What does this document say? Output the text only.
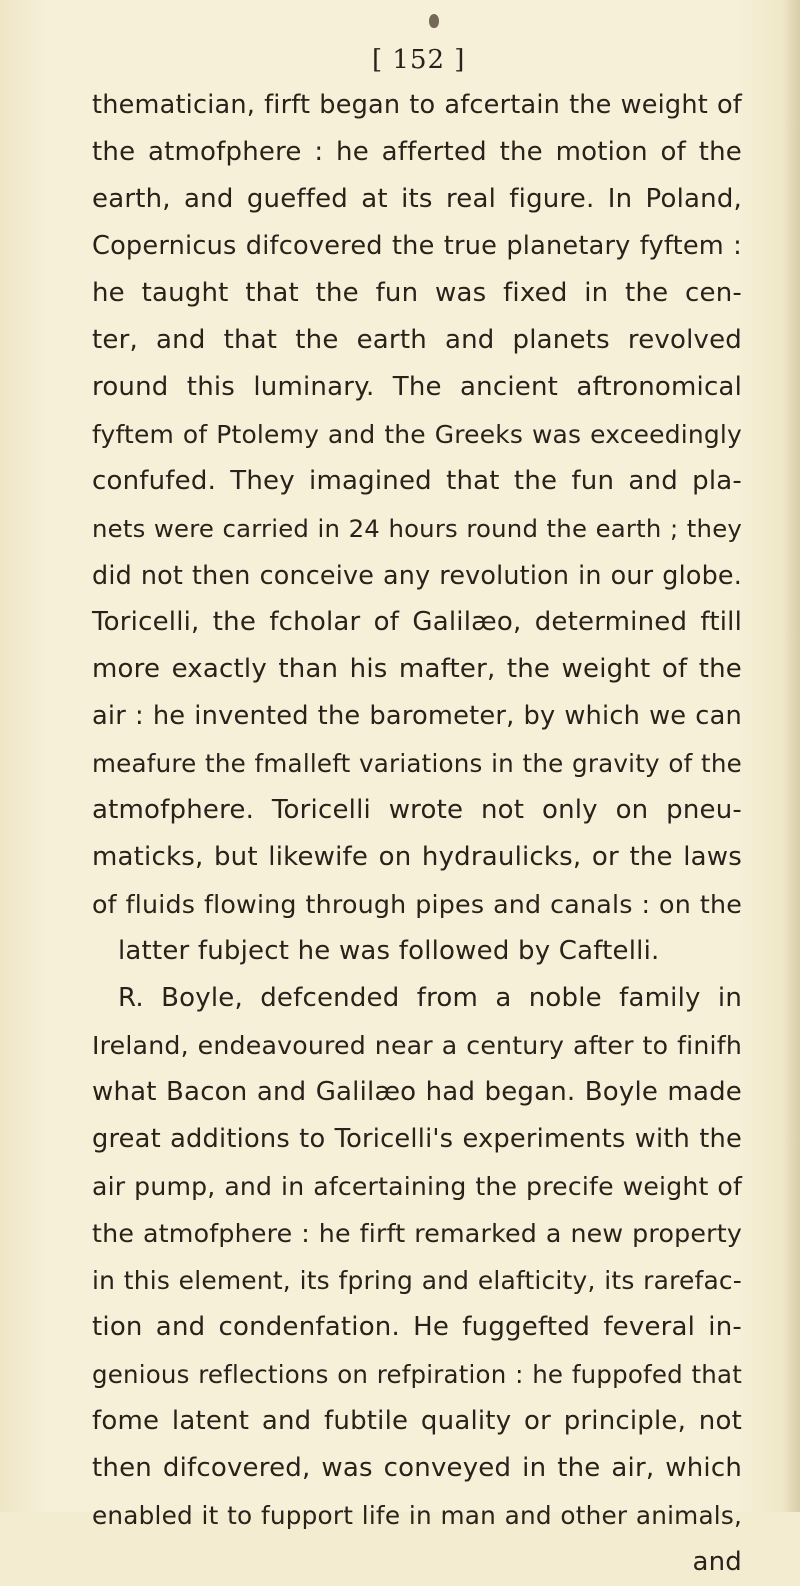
[ 152 ]
thematician, firft began to afcertain the weight of
the atmofphere : he afferted the motion of the
earth, and gueffed at its real figure. In Poland,
Copernicus difcovered the true planetary fyftem :
he taught that the fun was fixed in the cen-
ter, and that the earth and planets revolved
round this luminary. The ancient aftronomical
fyftem of Ptolemy and the Greeks was exceedingly
confufed. They imagined that the fun and pla-
nets were carried in 24 hours round the earth ; they
did not then conceive any revolution in our globe.
Toricelli, the fcholar of Galilæo, determined ftill
more exactly than his mafter, the weight of the
air : he invented the barometer, by which we can
meafure the fmalleft variations in the gravity of the
atmofphere. Toricelli wrote not only on pneu-
maticks, but likewife on hydraulicks, or the laws
of fluids flowing through pipes and canals : on the
latter fubject he was followed by Caftelli.
R. Boyle, defcended from a noble family in
Ireland, endeavoured near a century after to finifh
what Bacon and Galilæo had began. Boyle made
great additions to Toricelli's experiments with the
air pump, and in afcertaining the precife weight of
the atmofphere : he firft remarked a new property
in this element, its fpring and elafticity, its rarefac-
tion and condenfation. He fuggefted feveral in-
genious reflections on refpiration : he fuppofed that
fome latent and fubtile quality or principle, not
then difcovered, was conveyed in the air, which
enabled it to fupport life in man and other animals,
and
